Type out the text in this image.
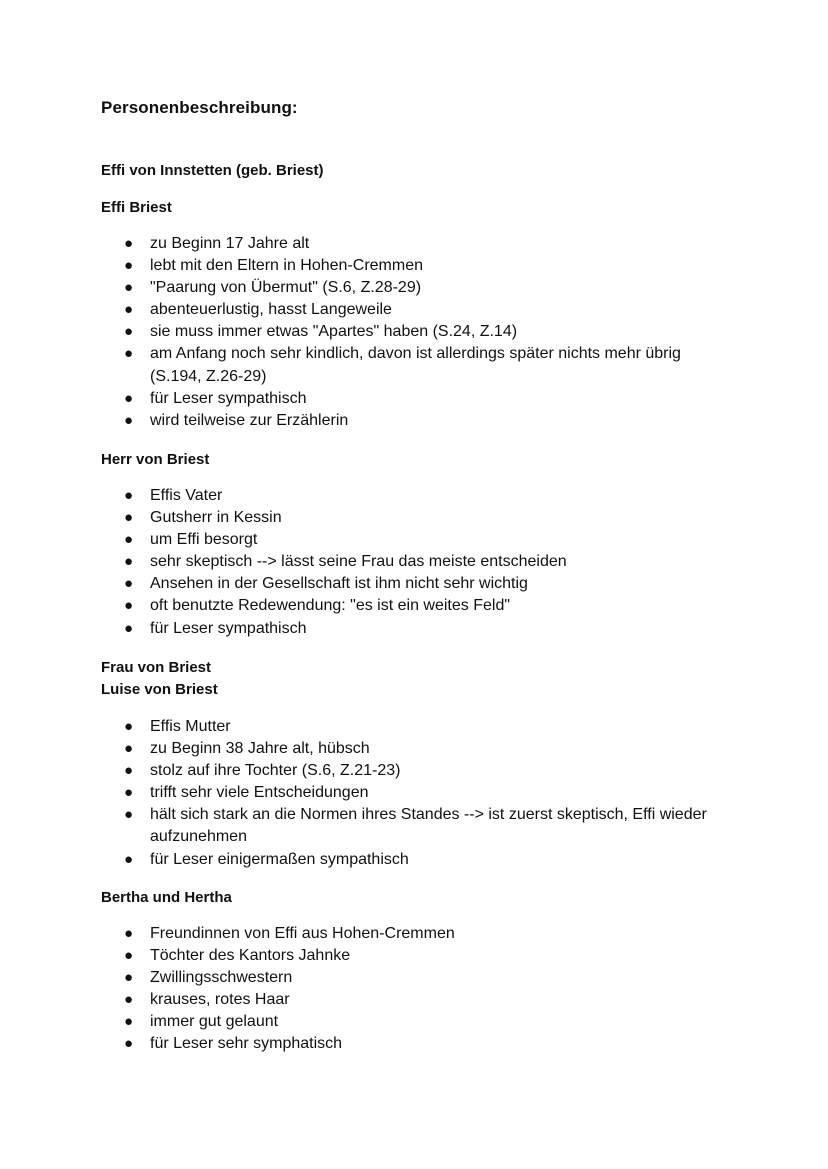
Personenbeschreibung:
Effi von Innstetten (geb. Briest)
Effi Briest
● zu Beginn 17 Jahre alt
● lebt mit den Eltern in Hohen-Cremmen
● "Paarung von Übermut" (S.6, Z.28-29)
● abenteuerlustig, hasst Langeweile
● sie muss immer etwas "Apartes" haben (S.24, Z.14)
● am Anfang noch sehr kindlich, davon ist allerdings später nichts mehr übrig (S.194, Z.26-29)
● für Leser sympathisch
● wird teilweise zur Erzählerin
Herr von Briest
● Effis Vater
● Gutsherr in Kessin
● um Effi besorgt
● sehr skeptisch --> lässt seine Frau das meiste entscheiden
● Ansehen in der Gesellschaft ist ihm nicht sehr wichtig
● oft benutzte Redewendung: "es ist ein weites Feld"
● für Leser sympathisch
Frau von Briest
Luise von Briest
● Effis Mutter
● zu Beginn 38 Jahre alt, hübsch
● stolz auf ihre Tochter (S.6, Z.21-23)
● trifft sehr viele Entscheidungen
● hält sich stark an die Normen ihres Standes --> ist zuerst skeptisch, Effi wieder aufzunehmen
● für Leser einigermaßen sympathisch
Bertha und Hertha
● Freundinnen von Effi aus Hohen-Cremmen
● Töchter des Kantors Jahnke
● Zwillingsschwestern
● krauses, rotes Haar
● immer gut gelaunt
● für Leser sehr symphatisch
